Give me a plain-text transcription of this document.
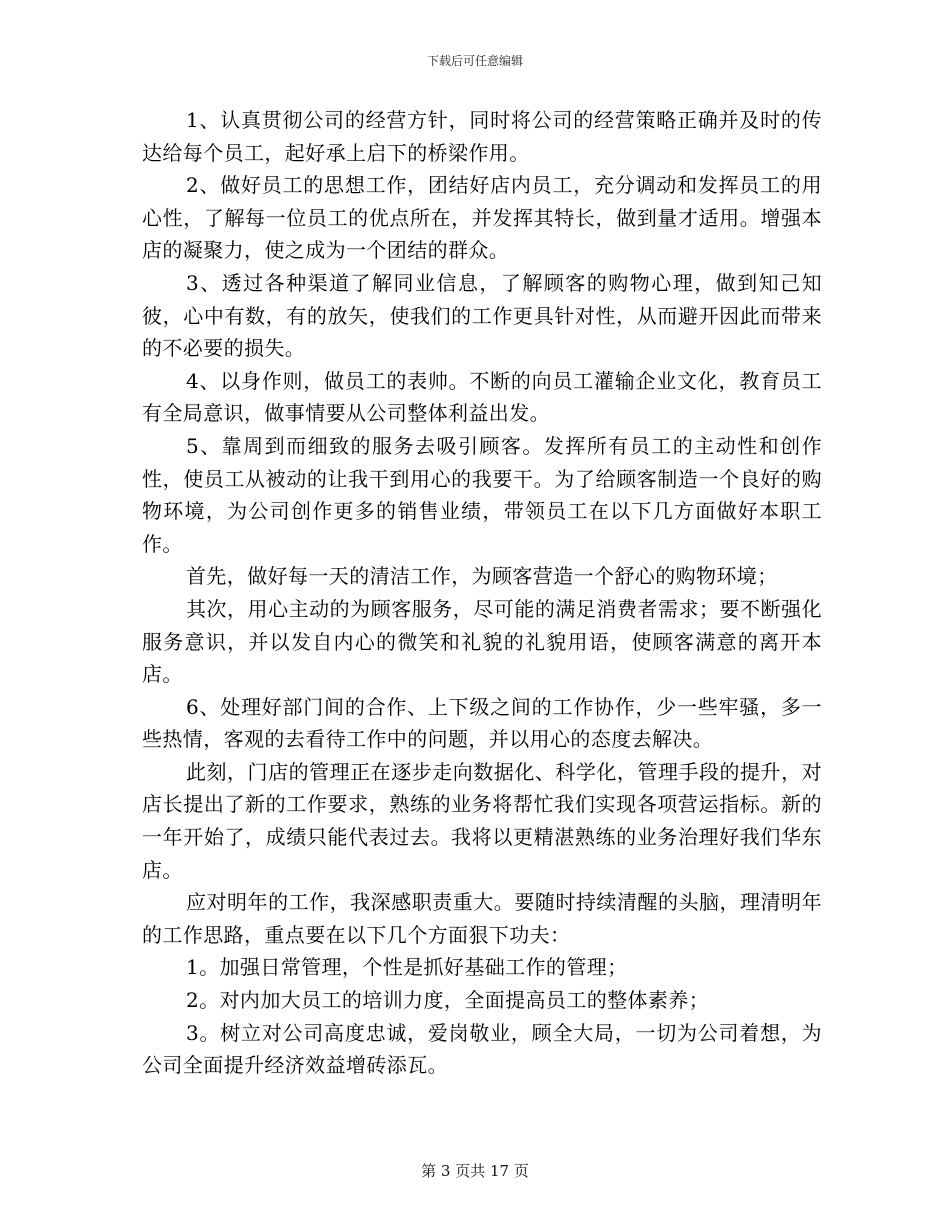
下载后可任意编辑

1、认真贯彻公司的经营方针，同时将公司的经营策略正确并及时的传达给每个员工，起好承上启下的桥梁作用。

2、做好员工的思想工作，团结好店内员工，充分调动和发挥员工的用心性，了解每一位员工的优点所在，并发挥其特长，做到量才适用。增强本店的凝聚力，使之成为一个团结的群众。

3、透过各种渠道了解同业信息，了解顾客的购物心理，做到知己知彼，心中有数，有的放矢，使我们的工作更具针对性，从而避开因此而带来的不必要的损失。

4、以身作则，做员工的表帅。不断的向员工灌输企业文化，教育员工有全局意识，做事情要从公司整体利益出发。

5、靠周到而细致的服务去吸引顾客。发挥所有员工的主动性和创作性，使员工从被动的让我干到用心的我要干。为了给顾客制造一个良好的购物环境，为公司创作更多的销售业绩，带领员工在以下几方面做好本职工作。

首先，做好每一天的清洁工作，为顾客营造一个舒心的购物环境；

其次，用心主动的为顾客服务，尽可能的满足消费者需求；要不断强化服务意识，并以发自内心的微笑和礼貌的礼貌用语，使顾客满意的离开本店。

6、处理好部门间的合作、上下级之间的工作协作，少一些牢骚，多一些热情，客观的去看待工作中的问题，并以用心的态度去解决。

此刻，门店的管理正在逐步走向数据化、科学化，管理手段的提升，对店长提出了新的工作要求，熟练的业务将帮忙我们实现各项营运指标。新的一年开始了，成绩只能代表过去。我将以更精湛熟练的业务治理好我们华东店。

应对明年的工作，我深感职责重大。要随时持续清醒的头脑，理清明年的工作思路，重点要在以下几个方面狠下功夫：

1。加强日常管理，个性是抓好基础工作的管理；

2。对内加大员工的培训力度，全面提高员工的整体素养；

3。树立对公司高度忠诚，爱岗敬业，顾全大局，一切为公司着想，为公司全面提升经济效益增砖添瓦。

第 3 页共 17 页
